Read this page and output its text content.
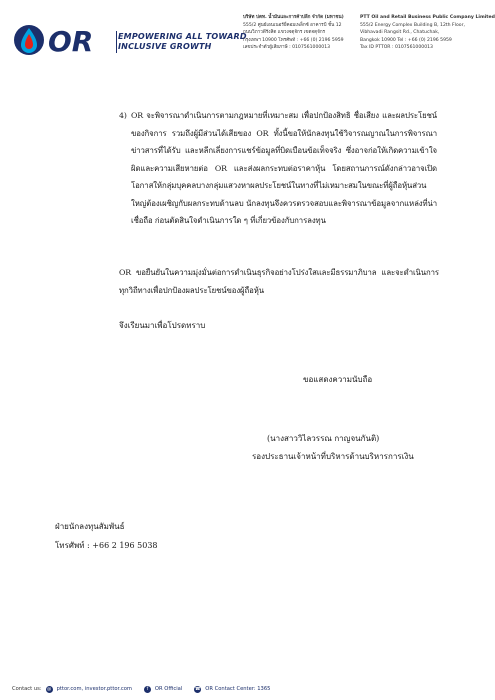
OR	EMPOWERING ALL TOWARD
INCLUSIVE GROWTH
บริษัท ปตท. น้ำมันและการค้าปลีก จำกัด (มหาชน)
555/2 ศูนย์เอนเนอร์ยี่คอมเพล็กซ์ อาคารบี ชั้น 12
ถนนวิภาวดีรังสิต แขวงจตุจักร เขตจตุจักร
กรุงเทพฯ 10900 โทรศัพท์ : +66 (0) 2196 5959
เลขประจำตัวผู้เสียภาษี : 0107561000013
PTT Oil and Retail Business Public Company Limited
555/2 Energy Complex Building B, 12th Floor,
Vibhavadi Rangsit Rd., Chatuchak,
Bangkok 10900 Tel : +66 (0) 2196 5959
Tax ID PTTOR : 0107561000013
4) OR จะพิจารณาดำเนินการตามกฎหมายที่เหมาะสม เพื่อปกป้องสิทธิ ชื่อเสียง และผลประโยชน์ของกิจการ รวมถึงผู้มีส่วนได้เสียของ OR ทั้งนี้ขอให้นักลงทุนใช้วิจารณญาณในการพิจารณาข่าวสารที่ได้รับ และหลีกเลี่ยงการแชร์ข้อมูลที่บิดเบือนข้อเท็จจริง ซึ่งอาจก่อให้เกิดความเข้าใจผิดและความเสียหายต่อ OR และส่งผลกระทบต่อราคาหุ้น โดยสถานการณ์ดังกล่าวอาจเปิดโอกาสให้กลุ่มบุคคลบางกลุ่มแสวงหาผลประโยชน์ในทางที่ไม่เหมาะสมในขณะที่ผู้ถือหุ้นส่วนใหญ่ต้องเผชิญกับผลกระทบด้านลบ นักลงทุนจึงควรตรวจสอบและพิจารณาข้อมูลจากแหล่งที่น่าเชื่อถือ ก่อนตัดสินใจดำเนินการใด ๆ ที่เกี่ยวข้องกับการลงทุน
OR ขอยืนยันในความมุ่งมั่นต่อการดำเนินธุรกิจอย่างโปร่งใสและมีธรรมาภิบาล และจะดำเนินการทุกวิถีทางเพื่อปกป้องผลประโยชน์ของผู้ถือหุ้น
จึงเรียนมาเพื่อโปรดทราบ
ขอแสดงความนับถือ
(นางสาววิไลวรรณ กาญจนกันติ)
รองประธานเจ้าหน้าที่บริหารด้านบริหารการเงิน
ฝ่ายนักลงทุนสัมพันธ์
โทรศัพท์ : +66 2 196 5038
Contact us: @ pttor.com, investor.pttor.com	f	OR Official	☎ OR Contact Center: 1365
